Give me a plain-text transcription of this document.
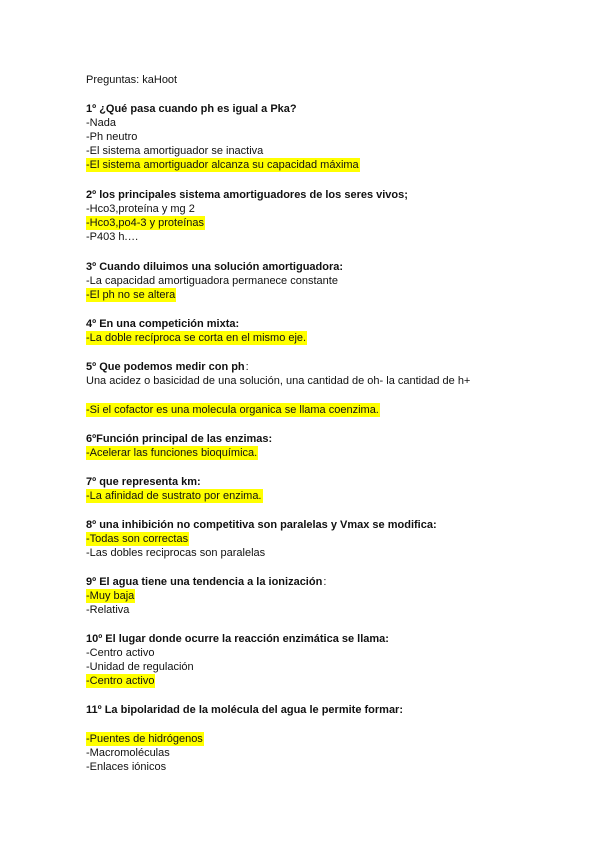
Preguntas: kaHoot
1º ¿Qué pasa cuando ph es igual a Pka?
-Nada
-Ph neutro
-El sistema amortiguador se inactiva
-El sistema amortiguador alcanza su capacidad máxima
2º los principales sistema amortiguadores de los seres vivos;
-Hco3,proteína y mg 2
-Hco3,po4-3 y proteínas
-P403 h.…
3º Cuando diluimos una solución amortiguadora:
-La capacidad amortiguadora permanece constante
-El ph no se altera
4º En una competición mixta:
-La doble recíproca se corta en el mismo eje.
5º Que podemos medir con ph:
Una acidez o basicidad de una solución, una cantidad de oh- la cantidad de h+
-Si el cofactor es una molecula organica se llama coenzima.
6ºFunción principal de las enzimas:
-Acelerar las funciones bioquímica.
7º que representa km:
-La afinidad de sustrato por enzima.
8º una inhibición no competitiva son paralelas y Vmax se modifica:
-Todas son correctas
-Las dobles reciprocas son paralelas
9º El agua tiene una tendencia a la ionización:
-Muy baja
-Relativa
10º El lugar donde ocurre la reacción enzimática se llama:
-Centro activo
-Unidad de regulación
-Centro activo
11º La bipolaridad de la molécula del agua le permite formar:
-Puentes de hidrógenos
-Macromoléculas
-Enlaces iónicos
